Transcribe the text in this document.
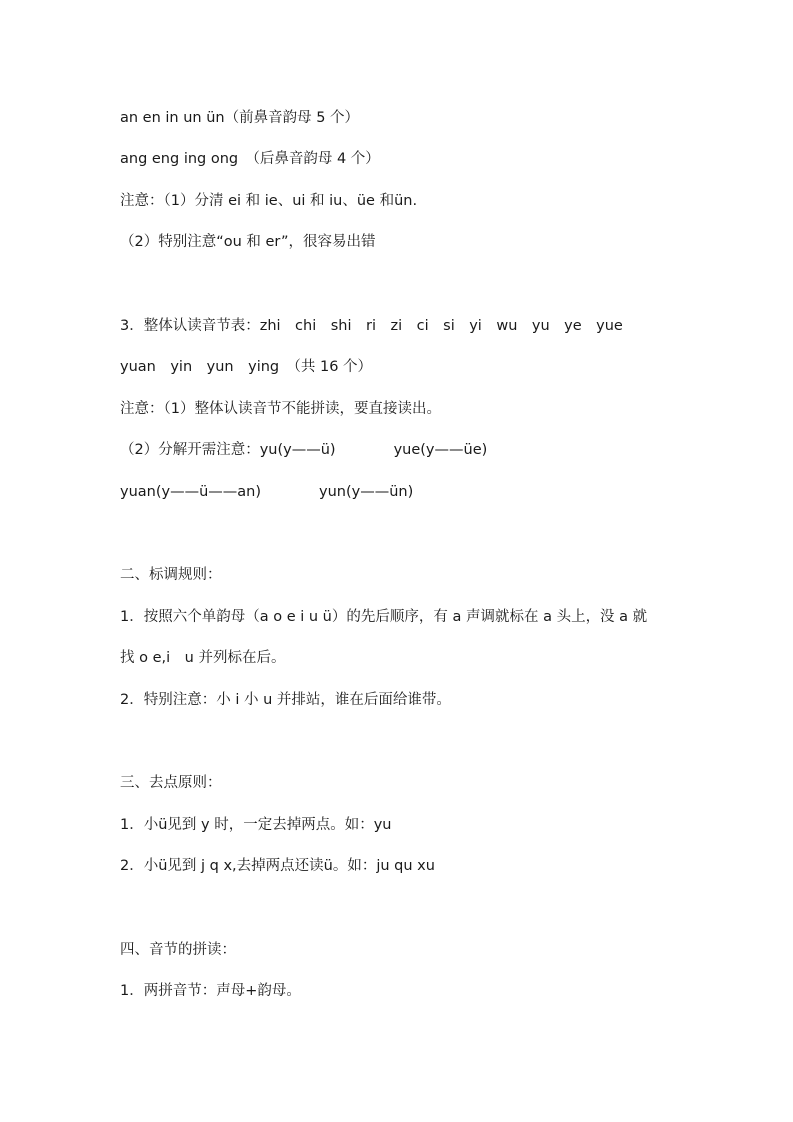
an en in un ün（前鼻音韵母 5 个）
ang eng ing ong　（后鼻音韵母 4 个）
注意：（1）分清 ei 和 ie、ui 和 iu、üe 和ün.
（2）特别注意“ou 和 er”，很容易出错
3．整体认读音节表：zhi　chi　shi　ri　zi　ci　si　yi　wu　yu　ye　yue
yuan　yin　yun　ying　（共 16 个）
注意：（1）整体认读音节不能拼读，要直接读出。
（2）分解开需注意：yu(y——ü)　　　　yue(y——üe)
yuan(y——ü——an)　　　　yun(y——ün)
二、标调规则：
1．按照六个单韵母（a o e i u ü）的先后顺序，有 a 声调就标在 a 头上，没 a 就
找 o e,i　u 并列标在后。
2．特别注意：小 i 小 u 并排站，谁在后面给谁带。
三、去点原则：
1．小ü见到 y 时，一定去掉两点。如：yu
2．小ü见到 j q x,去掉两点还读ü。如：ju qu xu
四、音节的拼读：
1．两拼音节：声母+韵母。
